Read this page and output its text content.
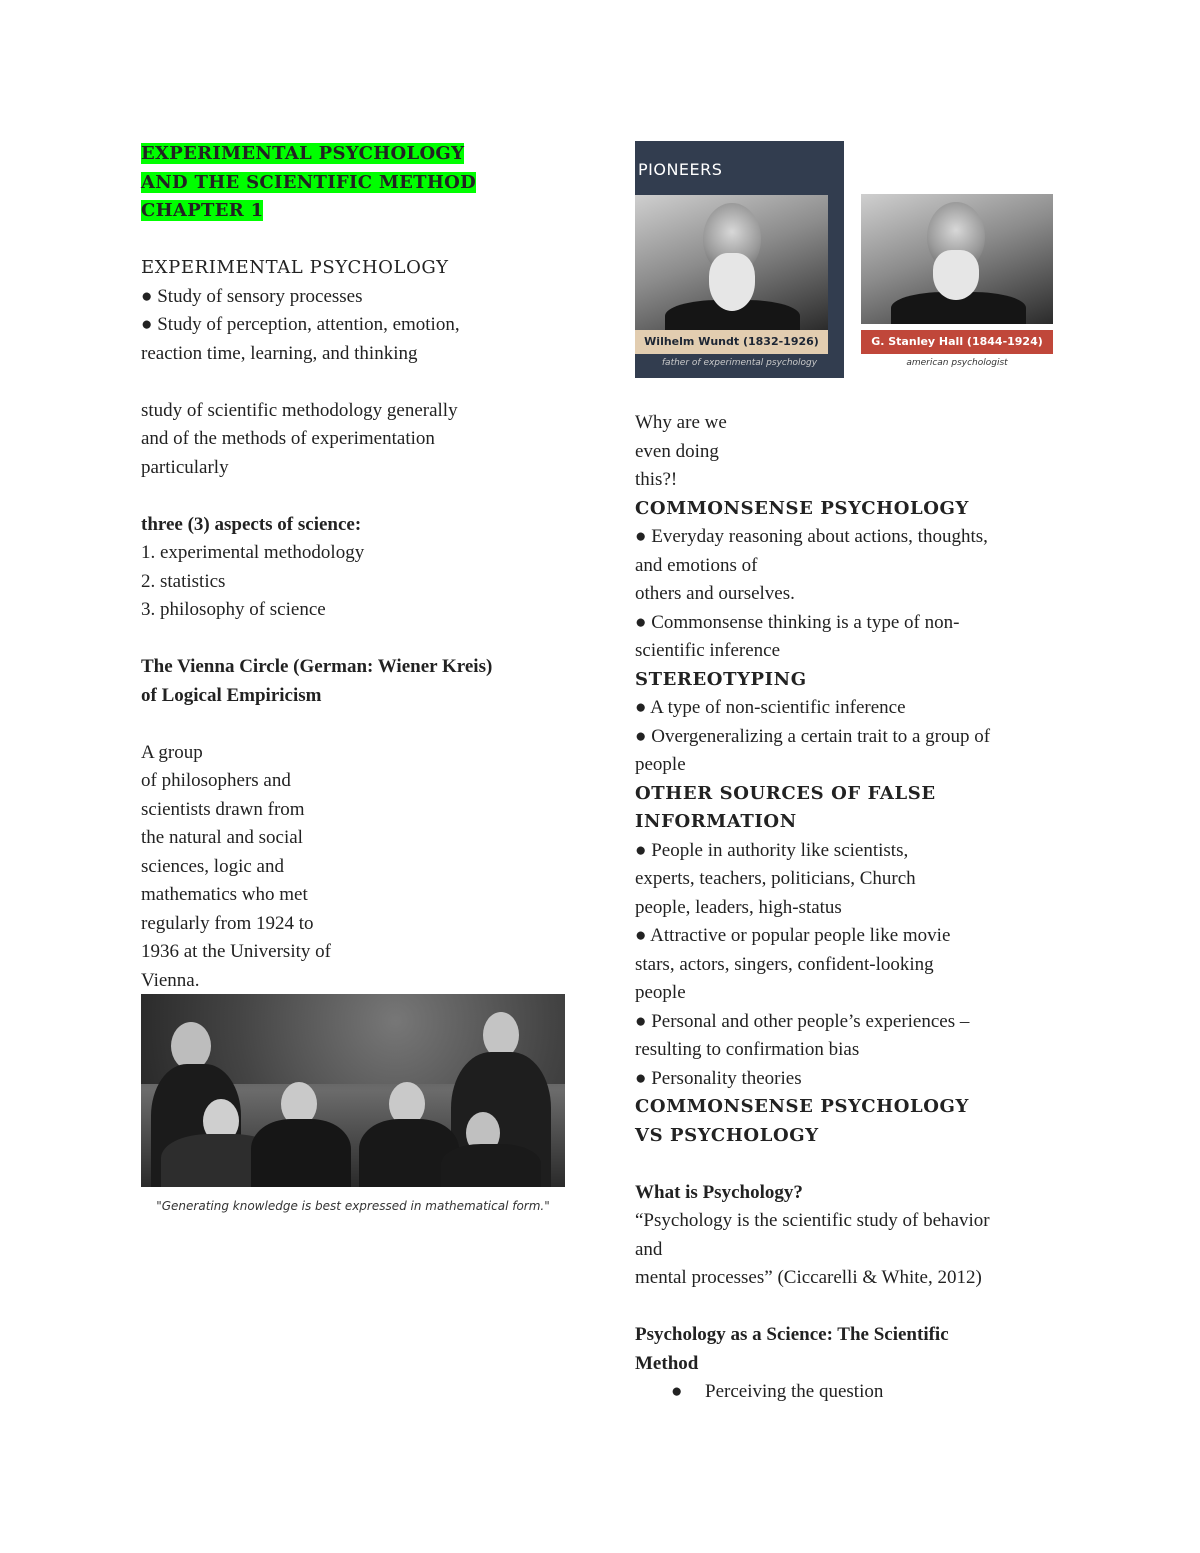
EXPERIMENTAL PSYCHOLOGY
AND THE SCIENTIFIC METHOD
CHAPTER 1
EXPERIMENTAL PSYCHOLOGY
● Study of sensory processes
● Study of perception, attention, emotion,
reaction time, learning, and thinking
study of scientific methodology generally
and of the methods of experimentation
particularly
three (3) aspects of science:
1. experimental methodology
2. statistics
3. philosophy of science
The Vienna Circle (German: Wiener Kreis)
of Logical Empiricism
A group
of philosophers and
scientists drawn from
the natural and social
sciences, logic and
mathematics who met
regularly from 1924 to
1936 at the University of
Vienna.
"Generating knowledge is best expressed in mathematical form."
PIONEERS
Wilhelm Wundt (1832-1926)
father of experimental psychology
G. Stanley Hall (1844-1924)
american psychologist
Why are we
even doing
this?!
COMMONSENSE PSYCHOLOGY
● Everyday reasoning about actions, thoughts,
and emotions of
others and ourselves.
● Commonsense thinking is a type of non-
scientific inference
STEREOTYPING
● A type of non-scientific inference
● Overgeneralizing a certain trait to a group of
people
OTHER SOURCES OF FALSE
INFORMATION
● People in authority like scientists,
experts, teachers, politicians, Church
people, leaders, high-status
● Attractive or popular people like movie
stars, actors, singers, confident-looking
people
● Personal and other people’s experiences –
resulting to confirmation bias
● Personality theories
COMMONSENSE PSYCHOLOGY
VS PSYCHOLOGY
What is Psychology?
“Psychology is the scientific study of behavior
and
mental processes” (Ciccarelli & White, 2012)
Psychology as a Science: The Scientific
Method
● Perceiving the question
